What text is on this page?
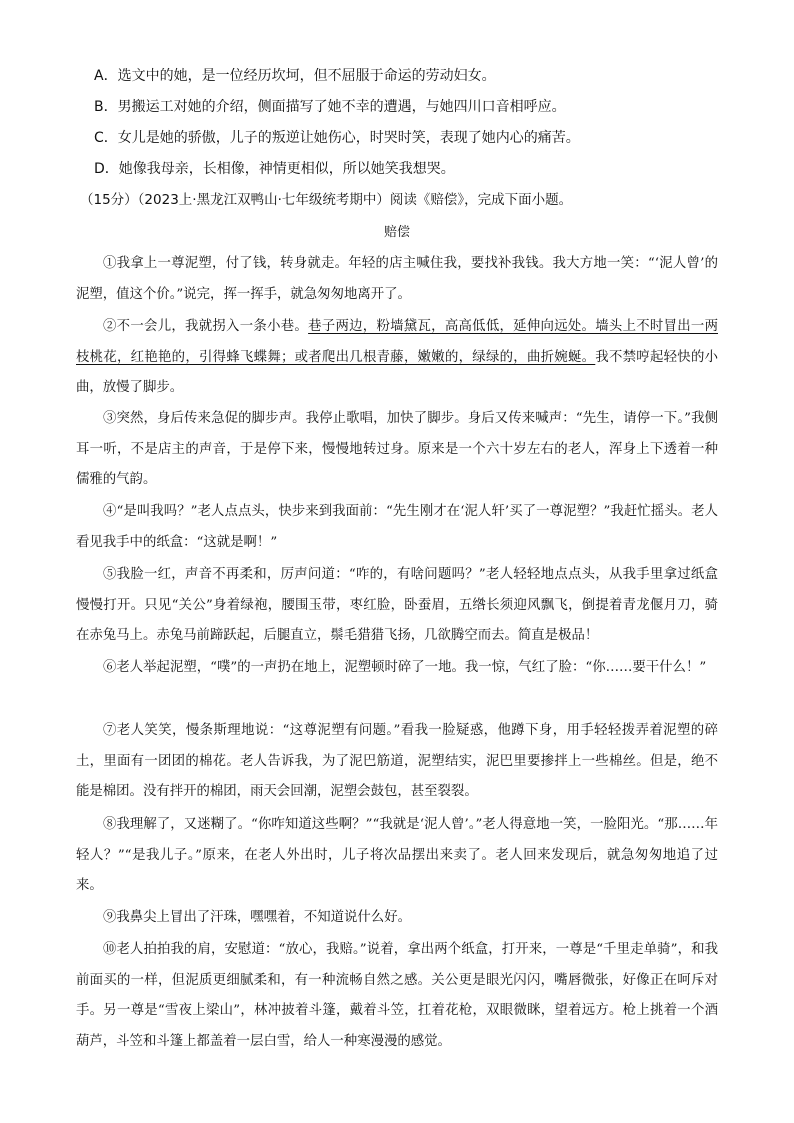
A．选文中的她，是一位经历坎坷，但不屈服于命运的劳动妇女。
B．男搬运工对她的介绍，侧面描写了她不幸的遭遇，与她四川口音相呼应。
C．女儿是她的骄傲，儿子的叛逆让她伤心，时哭时笑，表现了她内心的痛苦。
D．她像我母亲，长相像，神情更相似，所以她笑我想哭。
（15分）（2023上·黑龙江双鸭山·七年级统考期中）阅读《赔偿》，完成下面小题。
赔偿

①我拿上一尊泥塑，付了钱，转身就走。年轻的店主喊住我，要找补我钱。我大方地一笑：“‘泥人曾’的泥塑，值这个价。”说完，挥一挥手，就急匆匆地离开了。

②不一会儿，我就拐入一条小巷。巷子两边，粉墙黛瓦，高高低低，延伸向远处。墙头上不时冒出一两枝桃花，红艳艳的，引得蜂飞蝶舞；或者爬出几根青藤，嫩嫩的，绿绿的，曲折婉蜒。我不禁哼起轻快的小曲，放慢了脚步。

③突然，身后传来急促的脚步声。我停止歌唱，加快了脚步。身后又传来喊声：“先生，请停一下。”我侧耳一听，不是店主的声音，于是停下来，慢慢地转过身。原来是一个六十岁左右的老人，浑身上下透着一种儒雅的气韵。

④“是叫我吗？”老人点点头，快步来到我面前：“先生刚才在‘泥人轩’买了一尊泥塑？”我赶忙摇头。老人看见我手中的纸盒：“这就是啊！”

⑤我脸一红，声音不再柔和，厉声问道：“咋的，有啥问题吗？”老人轻轻地点点头，从我手里拿过纸盒慢慢打开。只见“关公”身着绿袍，腰围玉带，枣红脸，卧蚕眉，五绺长须迎风飘飞，倒提着青龙偃月刀，骑在赤兔马上。赤兔马前蹄跃起，后腿直立，鬃毛猎猎飞扬，几欲腾空而去。简直是极品！

⑥老人举起泥塑，“噗”的一声扔在地上，泥塑顿时碎了一地。我一惊，气红了脸：“你……要干什么！”

⑦老人笑笑，慢条斯理地说：“这尊泥塑有问题。”看我一脸疑惑，他蹲下身，用手轻轻拨弄着泥塑的碎土，里面有一团团的棉花。老人告诉我，为了泥巴筋道，泥塑结实，泥巴里要掺拌上一些棉丝。但是，绝不能是棉团。没有拌开的棉团，雨天会回潮，泥塑会鼓包，甚至裂裂。

⑧我理解了，又迷糊了。“你咋知道这些啊？”“我就是‘泥人曾’。”老人得意地一笑，一脸阳光。“那……年轻人？”“是我儿子。”原来，在老人外出时，儿子将次品摆出来卖了。老人回来发现后，就急匆匆地追了过来。

⑨我鼻尖上冒出了汗珠，嘿嘿着，不知道说什么好。

⑩老人拍拍我的肩，安慰道：“放心，我赔。”说着，拿出两个纸盒，打开来，一尊是“千里走单骑”，和我前面买的一样，但泥质更细腻柔和，有一种流畅自然之感。关公更是眼光闪闪，嘴唇微张，好像正在呵斥对手。另一尊是“雪夜上梁山”，林冲披着斗篷，戴着斗笠，扛着花枪，双眼微眯，望着远方。枪上挑着一个酒葫芦，斗笠和斗篷上都盖着一层白雪，给人一种寒漫漫的感觉。
